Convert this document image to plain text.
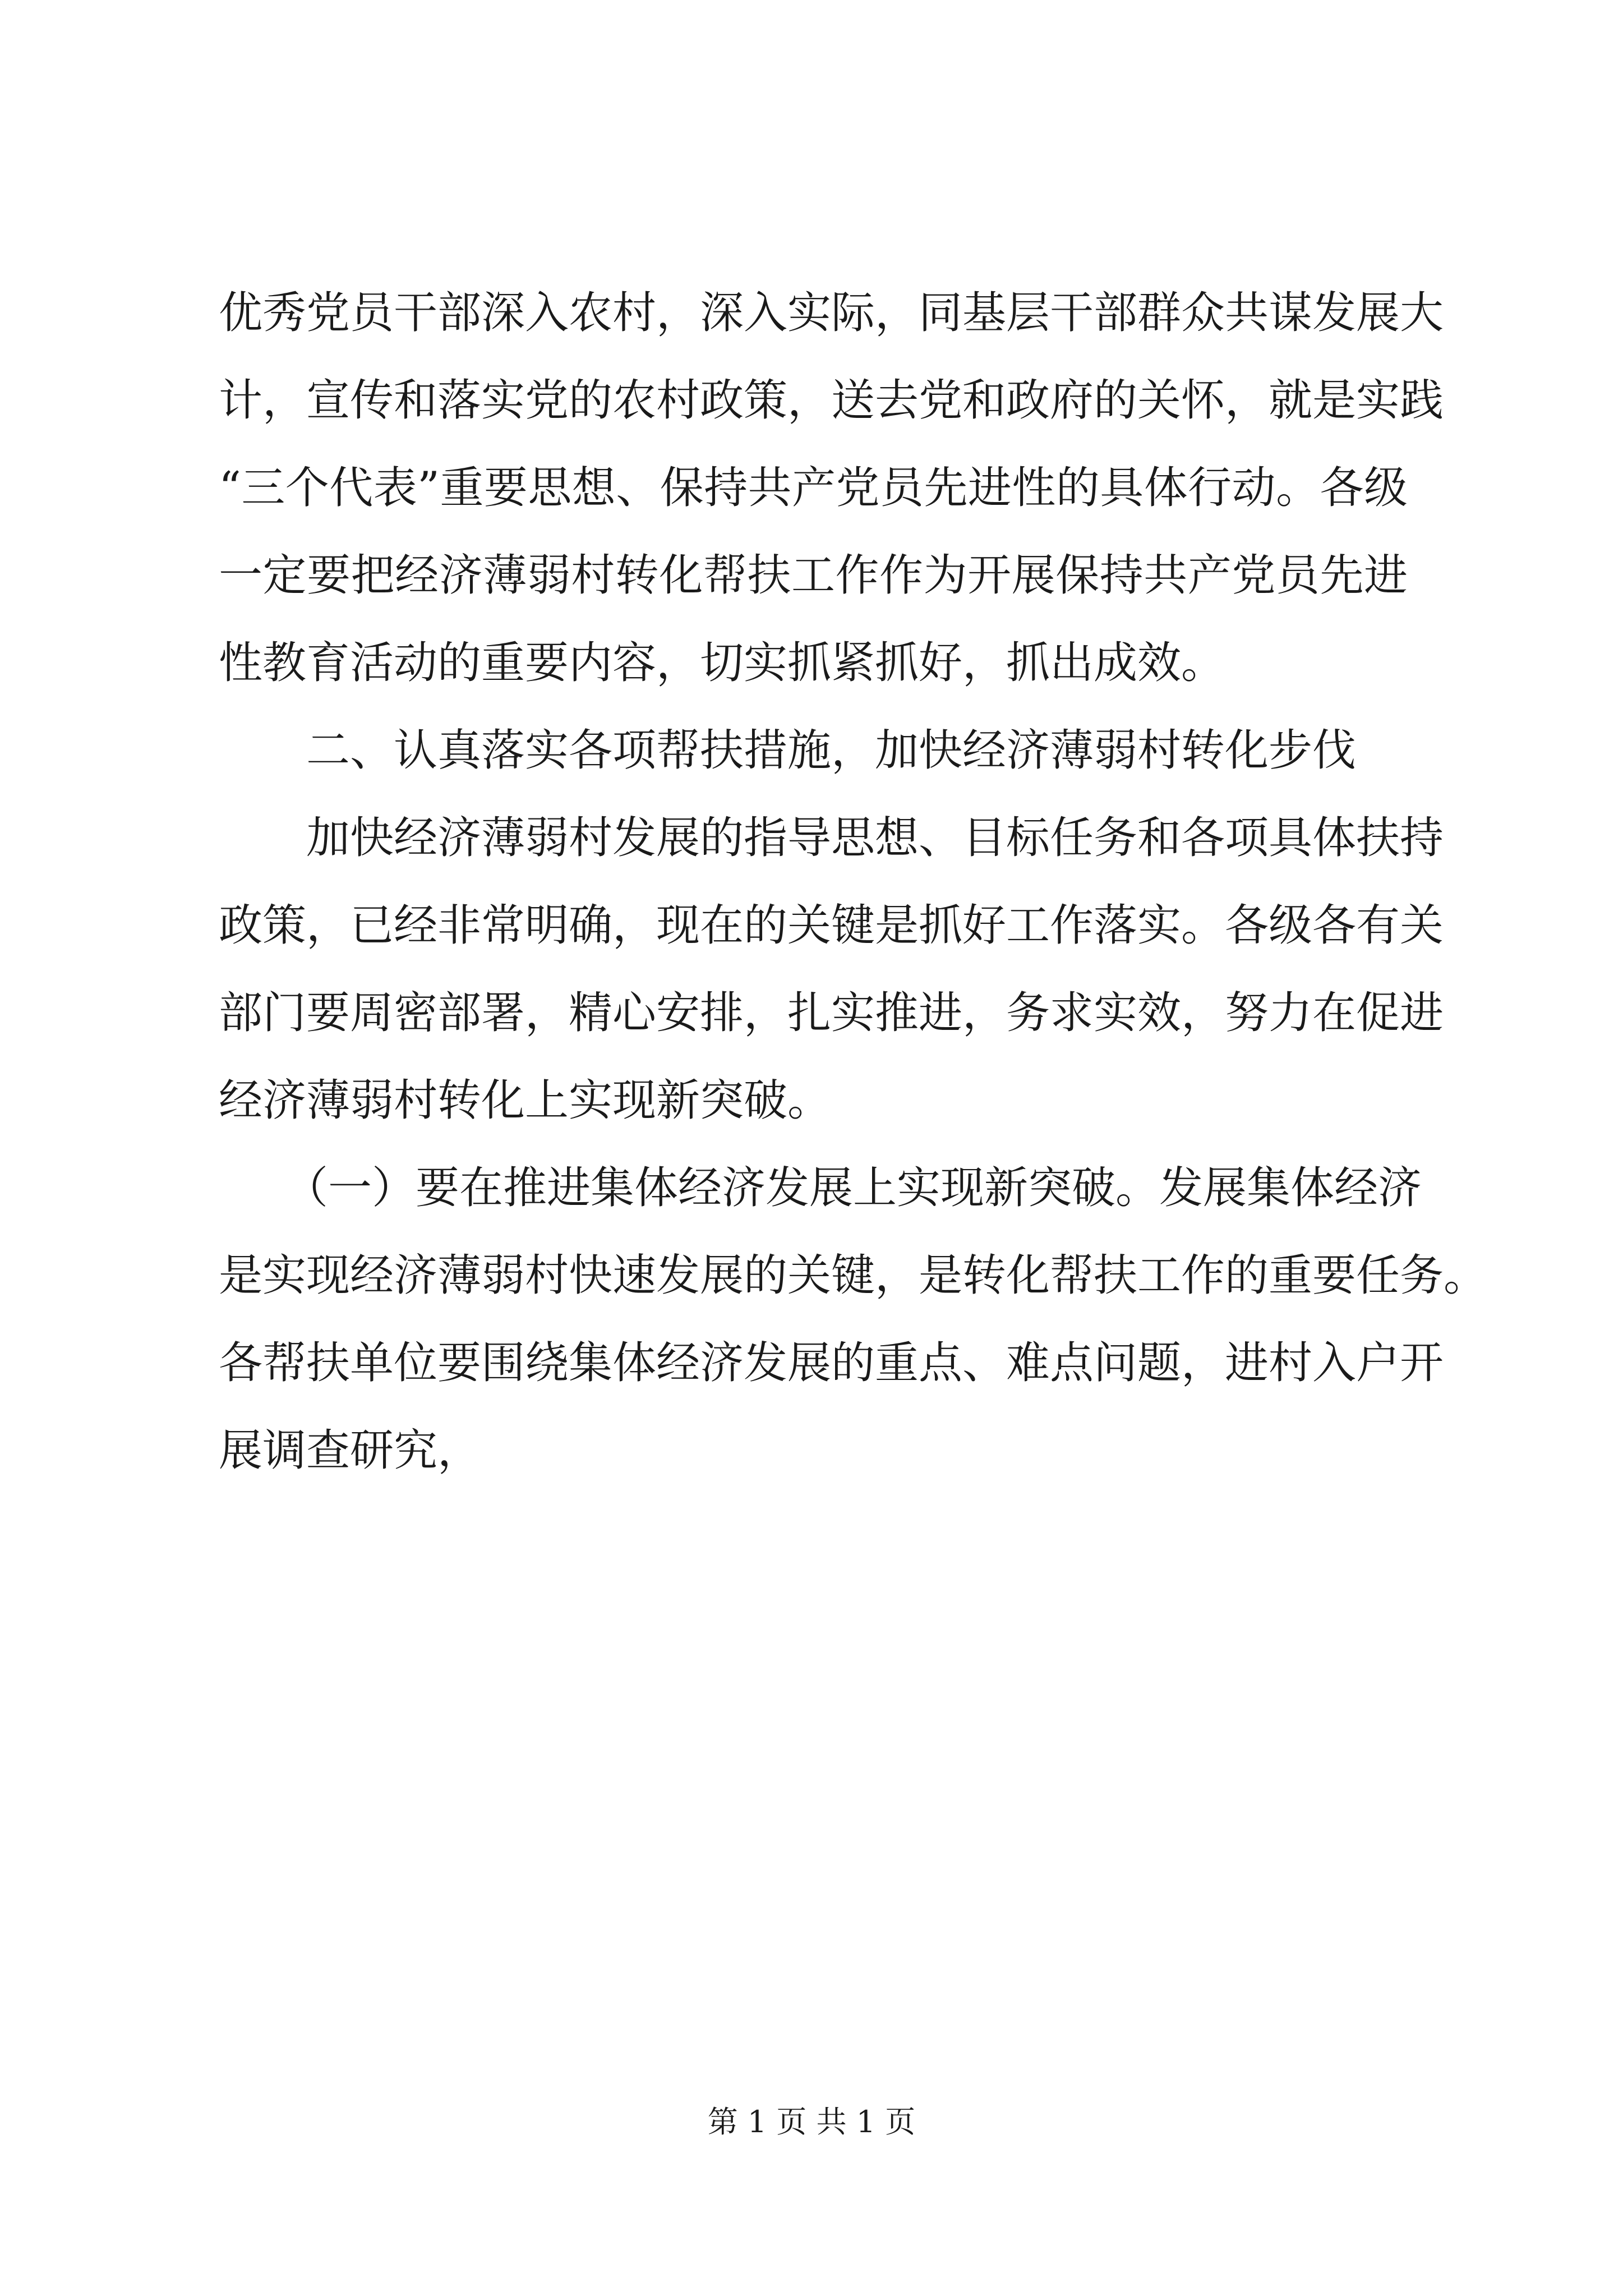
优秀党员干部深入农村，深入实际，同基层干部群众共谋发展大
计，宣传和落实党的农村政策，送去党和政府的关怀，就是实践
“三个代表”重要思想、保持共产党员先进性的具体行动。各级
一定要把经济薄弱村转化帮扶工作作为开展保持共产党员先进
性教育活动的重要内容，切实抓紧抓好，抓出成效。
　　二、认真落实各项帮扶措施，加快经济薄弱村转化步伐
　　加快经济薄弱村发展的指导思想、目标任务和各项具体扶持
政策，已经非常明确，现在的关键是抓好工作落实。各级各有关
部门要周密部署，精心安排，扎实推进，务求实效，努力在促进
经济薄弱村转化上实现新突破。
　　（一）要在推进集体经济发展上实现新突破。发展集体经济
是实现经济薄弱村快速发展的关键，是转化帮扶工作的重要任务。
各帮扶单位要围绕集体经济发展的重点、难点问题，进村入户开
展调查研究，
第 1 页 共 1 页
